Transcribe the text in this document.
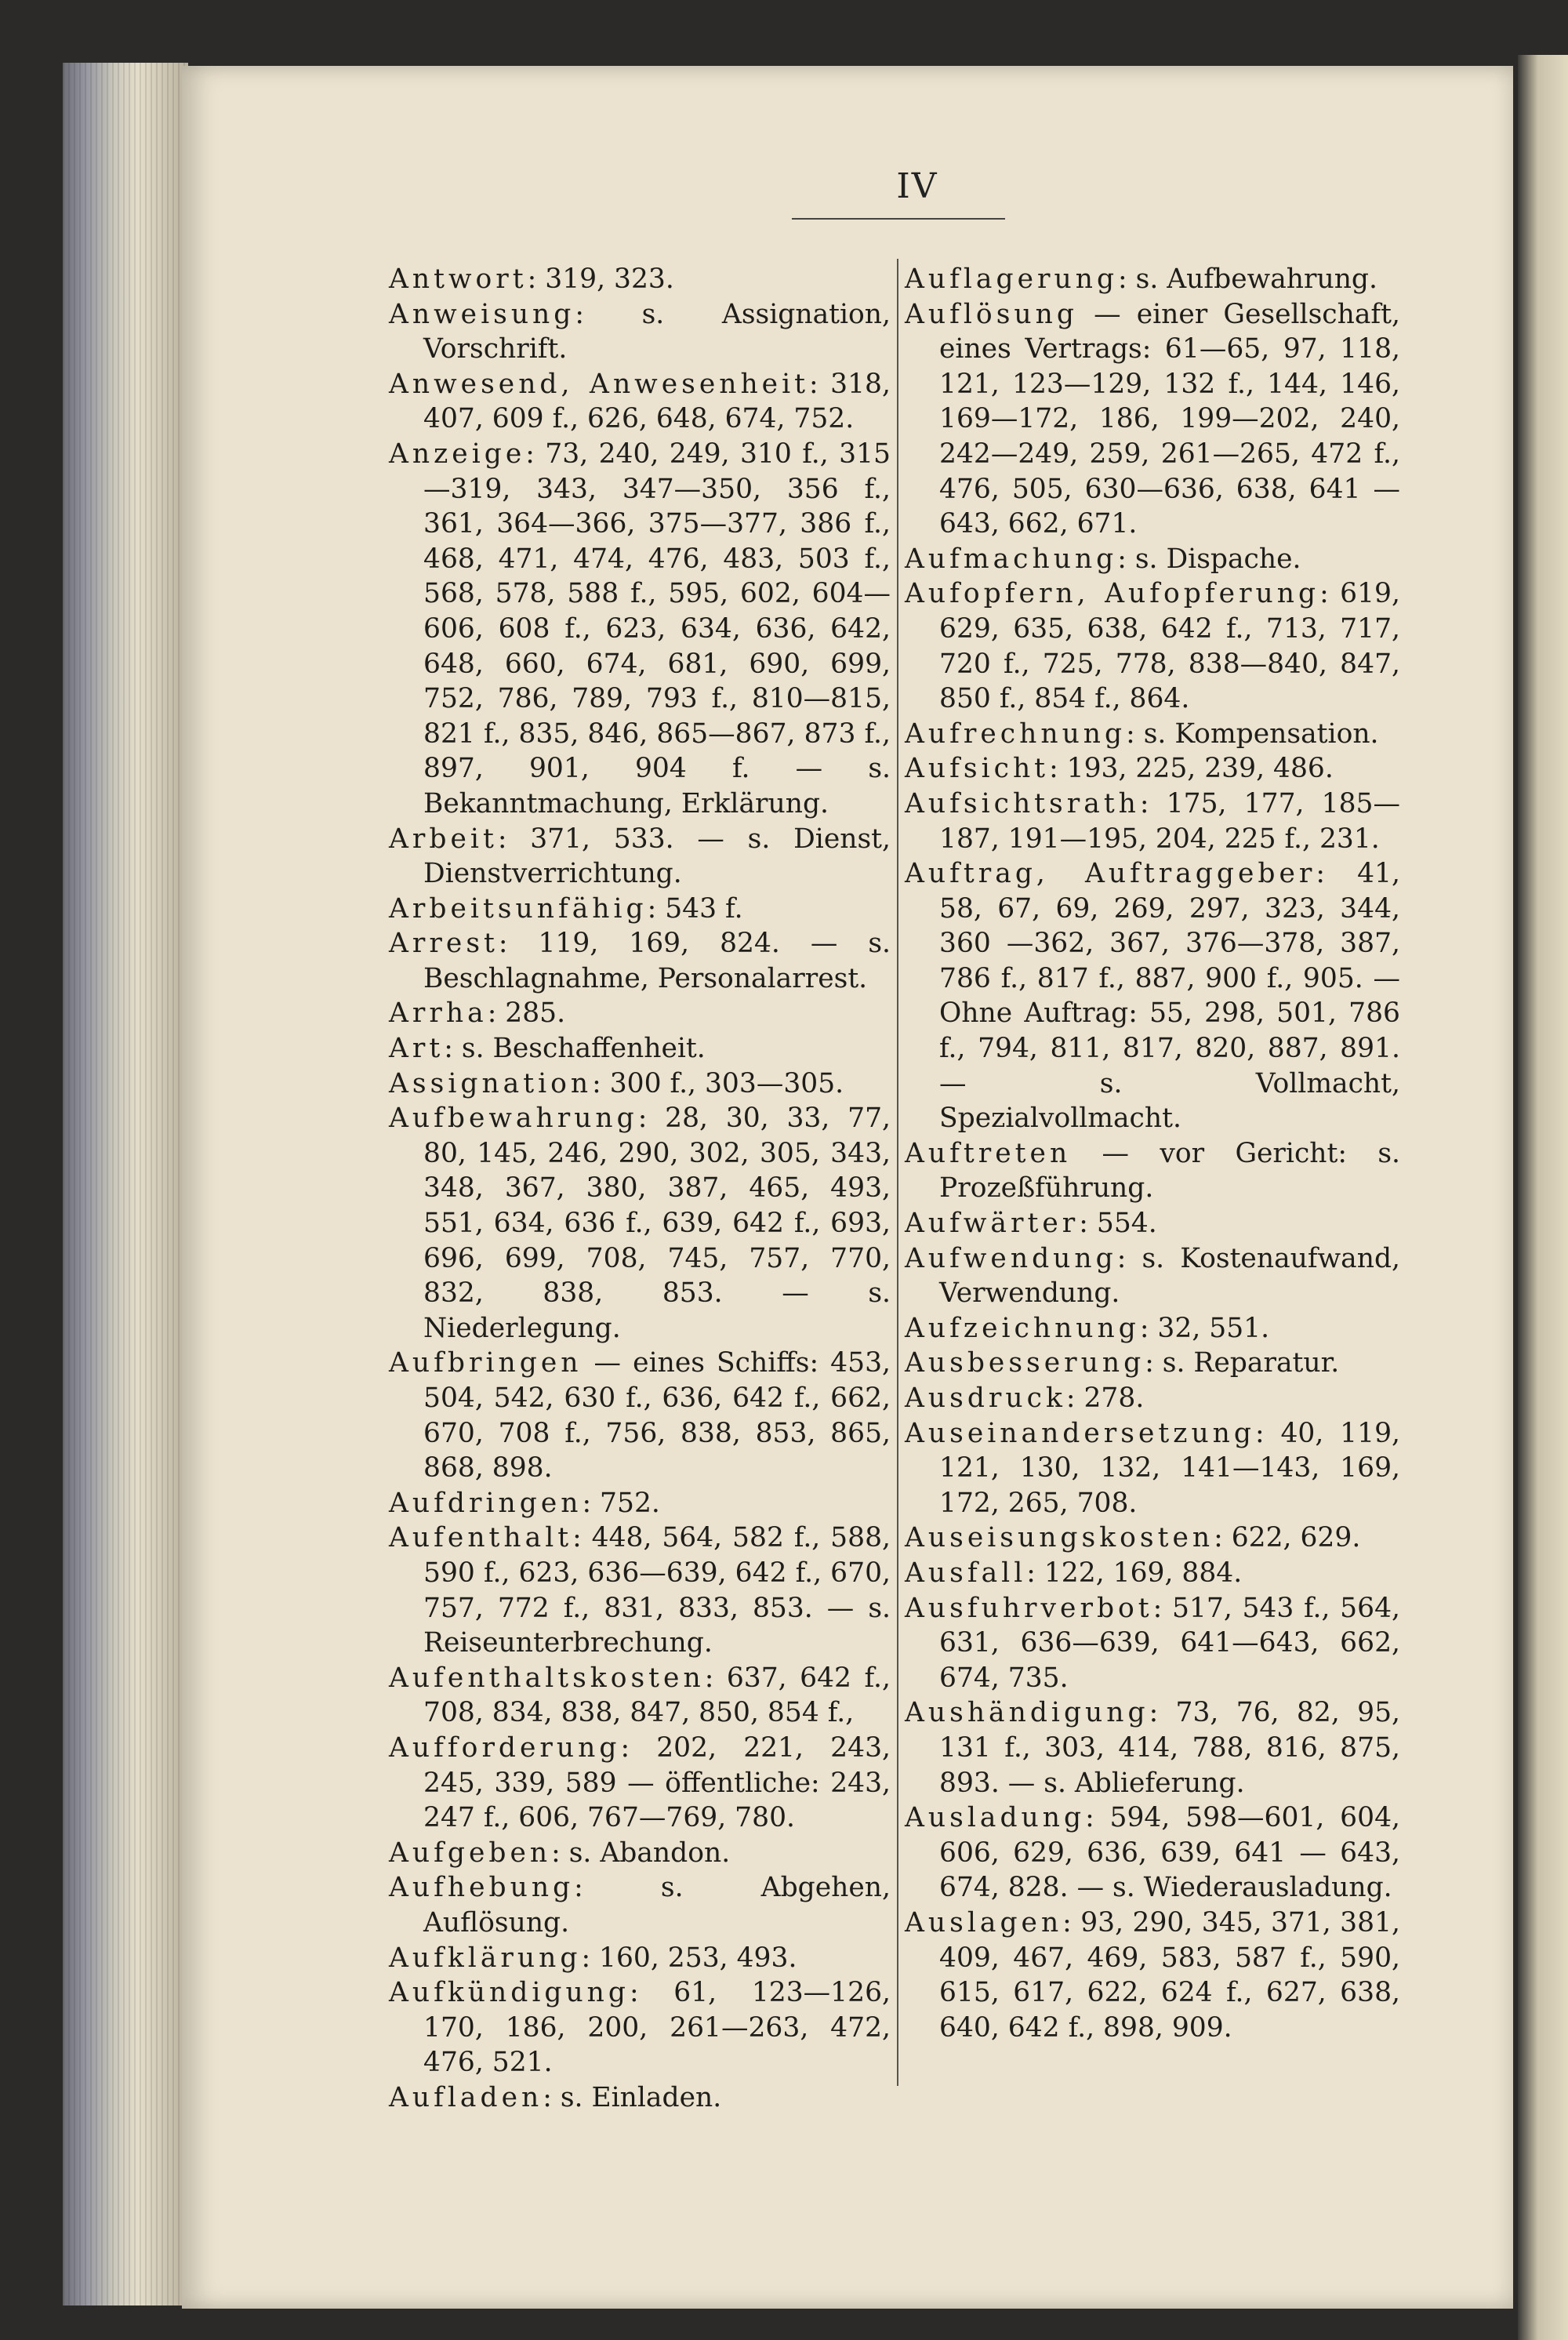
IV

Antwort: 319, 323.

Anweisung: s. Assignation, Vorschrift.

Anwesend, Anwesenheit: 318, 407, 609 f., 626, 648, 674, 752.

Anzeige: 73, 240, 249, 310 f., 315—319, 343, 347—350, 356 f., 361, 364—366, 375—377, 386 f., 468, 471, 474, 476, 483, 503 f., 568, 578, 588 f., 595, 602, 604—606, 608 f., 623, 634, 636, 642, 648, 660, 674, 681, 690, 699, 752, 786, 789, 793 f., 810—815, 821 f., 835, 846, 865—867, 873 f., 897, 901, 904 f. — s. Bekanntmachung, Erklärung.

Arbeit: 371, 533. — s. Dienst, Dienstverrichtung.

Arbeitsunfähig: 543 f.

Arrest: 119, 169, 824. — s. Beschlagnahme, Personalarrest.

Arrha: 285.

Art: s. Beschaffenheit.

Assignation: 300 f., 303—305.

Aufbewahrung: 28, 30, 33, 77, 80, 145, 246, 290, 302, 305, 343, 348, 367, 380, 387, 465, 493, 551, 634, 636 f., 639, 642 f., 693, 696, 699, 708, 745, 757, 770, 832, 838, 853. — s. Niederlegung.

Aufbringen — eines Schiffs: 453, 504, 542, 630 f., 636, 642 f., 662, 670, 708 f., 756, 838, 853, 865, 868, 898.

Aufdringen: 752.

Aufenthalt: 448, 564, 582 f., 588, 590 f., 623, 636—639, 642 f., 670, 757, 772 f., 831, 833, 853. — s. Reiseunterbrechung.

Aufenthaltskosten: 637, 642 f., 708, 834, 838, 847, 850, 854 f.,

Aufforderung: 202, 221, 243, 245, 339, 589 — öffentliche: 243, 247 f., 606, 767—769, 780.

Aufgeben: s. Abandon.

Aufhebung: s. Abgehen, Auflösung.

Aufklärung: 160, 253, 493.

Aufkündigung: 61, 123—126, 170, 186, 200, 261—263, 472, 476, 521.

Aufladen: s. Einladen.

Auflagerung: s. Aufbewahrung.

Auflösung — einer Gesellschaft, eines Vertrags: 61—65, 97, 118, 121, 123—129, 132 f., 144, 146, 169—172, 186, 199—202, 240, 242—249, 259, 261—265, 472 f., 476, 505, 630—636, 638, 641 —643, 662, 671.

Aufmachung: s. Dispache.

Aufopfern, Aufopferung: 619, 629, 635, 638, 642 f., 713, 717, 720 f., 725, 778, 838—840, 847, 850 f., 854 f., 864.

Aufrechnung: s. Kompensation.

Aufsicht: 193, 225, 239, 486.

Aufsichtsrath: 175, 177, 185—187, 191—195, 204, 225 f., 231.

Auftrag, Auftraggeber: 41, 58, 67, 69, 269, 297, 323, 344, 360 —362, 367, 376—378, 387, 786 f., 817 f., 887, 900 f., 905. — Ohne Auftrag: 55, 298, 501, 786 f., 794, 811, 817, 820, 887, 891. — s. Vollmacht, Spezialvollmacht.

Auftreten — vor Gericht: s. Prozeßführung.

Aufwärter: 554.

Aufwendung: s. Kostenaufwand, Verwendung.

Aufzeichnung: 32, 551.

Ausbesserung: s. Reparatur.

Ausdruck: 278.

Auseinandersetzung: 40, 119, 121, 130, 132, 141—143, 169, 172, 265, 708.

Auseisungskosten: 622, 629.

Ausfall: 122, 169, 884.

Ausfuhrverbot: 517, 543 f., 564, 631, 636—639, 641—643, 662, 674, 735.

Aushändigung: 73, 76, 82, 95, 131 f., 303, 414, 788, 816, 875, 893. — s. Ablieferung.

Ausladung: 594, 598—601, 604, 606, 629, 636, 639, 641 — 643, 674, 828. — s. Wiederausladung.

Auslagen: 93, 290, 345, 371, 381, 409, 467, 469, 583, 587 f., 590, 615, 617, 622, 624 f., 627, 638, 640, 642 f., 898, 909.
